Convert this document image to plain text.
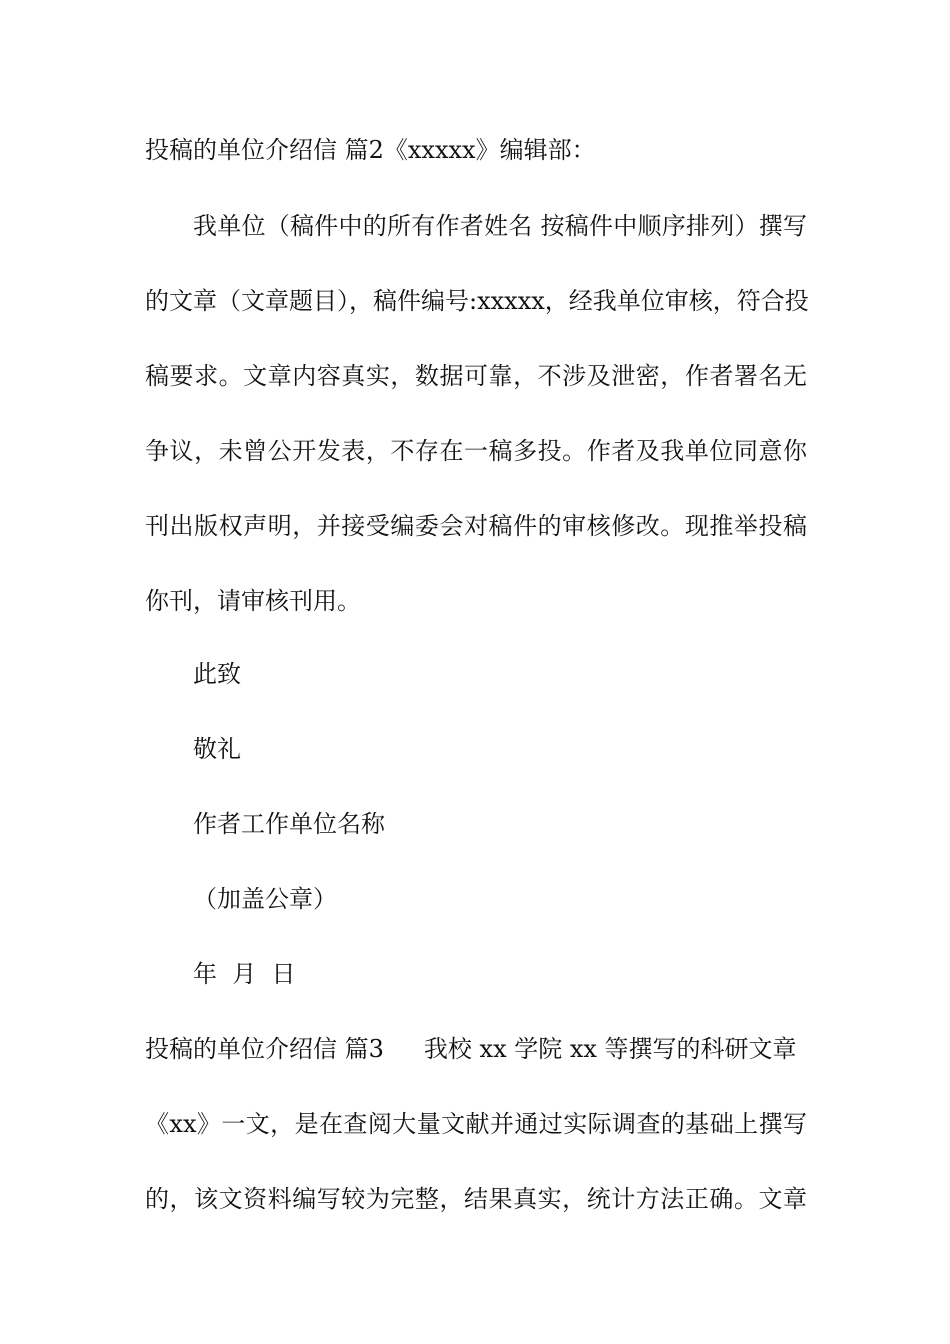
投稿的单位介绍信 篇2《xxxxx》编辑部：
我单位（稿件中的所有作者姓名 按稿件中顺序排列）撰写
的文章（文章题目），稿件编号:xxxxx，经我单位审核，符合投
稿要求。文章内容真实，数据可靠，不涉及泄密，作者署名无
争议，未曾公开发表，不存在一稿多投。作者及我单位同意你
刊出版权声明，并接受编委会对稿件的审核修改。现推举投稿
你刊，请审核刊用。
此致
敬礼
作者工作单位名称
（加盖公章）
年  月  日
投稿的单位介绍信 篇3 我校 xx 学院 xx 等撰写的科研文章
《xx》一文，是在查阅大量文献并通过实际调查的基础上撰写
的，该文资料编写较为完整，结果真实，统计方法正确。文章
